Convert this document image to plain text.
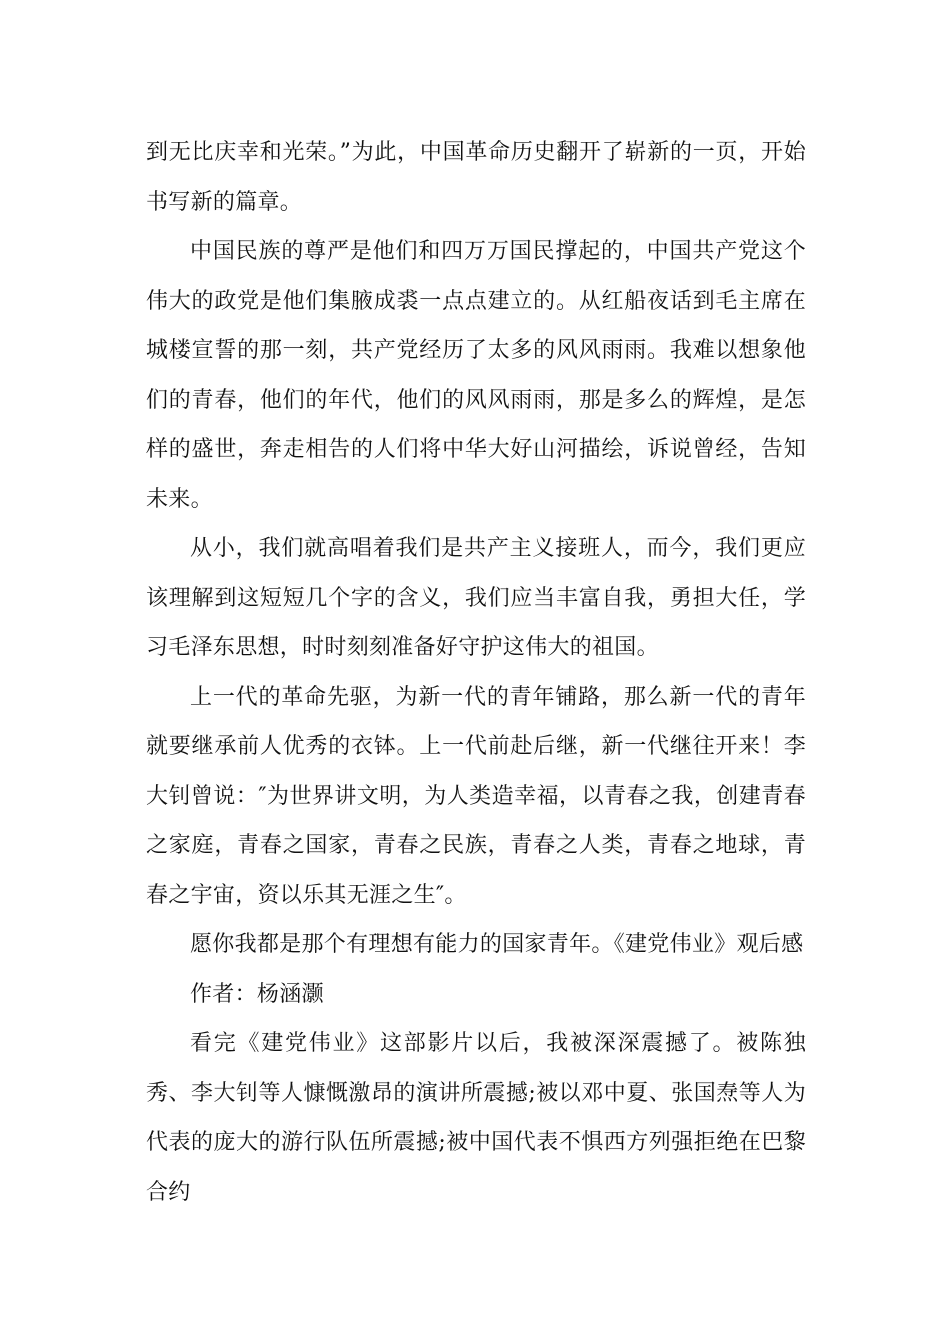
到无比庆幸和光荣。”为此，中国革命历史翻开了崭新的一页，开始书写新的篇章。

中国民族的尊严是他们和四万万国民撑起的，中国共产党这个伟大的政党是他们集腋成裘一点点建立的。从红船夜话到毛主席在城楼宣誓的那一刻，共产党经历了太多的风风雨雨。我难以想象他们的青春，他们的年代，他们的风风雨雨，那是多么的辉煌，是怎样的盛世，奔走相告的人们将中华大好山河描绘，诉说曾经，告知未来。

从小，我们就高唱着我们是共产主义接班人，而今，我们更应该理解到这短短几个字的含义，我们应当丰富自我，勇担大任，学习毛泽东思想，时时刻刻准备好守护这伟大的祖国。

上一代的革命先驱，为新一代的青年铺路，那么新一代的青年就要继承前人优秀的衣钵。上一代前赴后继，新一代继往开来！李大钊曾说：″为世界讲文明，为人类造幸福，以青春之我，创建青春之家庭，青春之国家，青春之民族，青春之人类，青春之地球，青春之宇宙，资以乐其无涯之生″。

愿你我都是那个有理想有能力的国家青年。《建党伟业》观后感

作者：杨涵灏

看完《建党伟业》这部影片以后，我被深深震撼了。被陈独秀、李大钊等人慷慨激昂的演讲所震撼;被以邓中夏、张国焘等人为代表的庞大的游行队伍所震撼;被中国代表不惧西方列强拒绝在巴黎合约
